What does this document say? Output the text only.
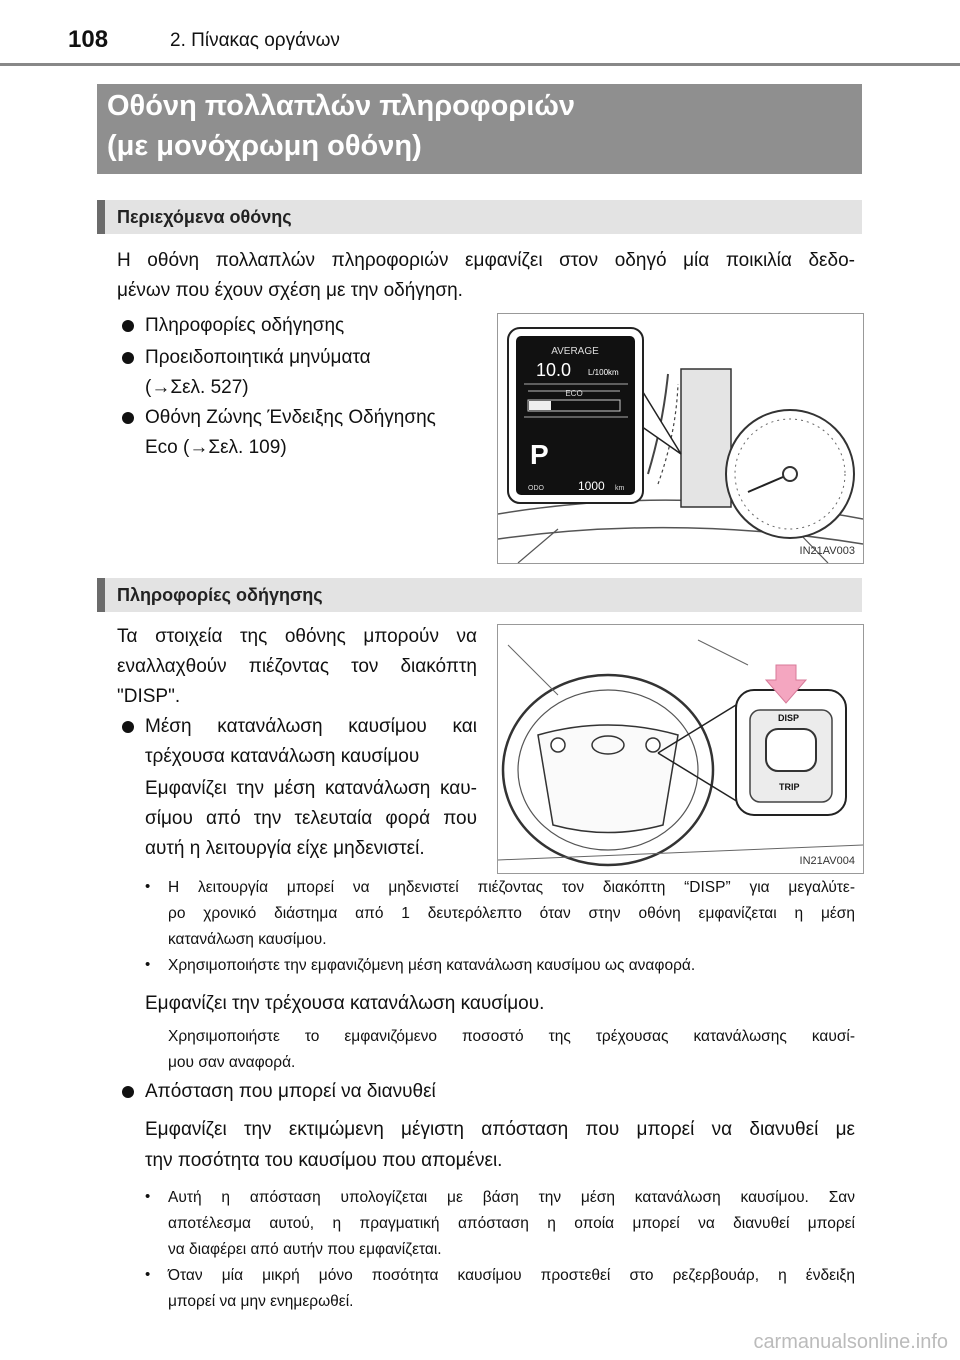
108	2. Πίνακας οργάνων
Οθόνη πολλαπλών πληροφοριών
(με μονόχρωμη οθόνη)
Περιεχόμενα οθόνης
Η οθόνη πολλαπλών πληροφοριών εμφανίζει στον οδηγό μία ποικιλία δεδο-
μένων που έχουν σχέση με την οδήγηση.
Πληροφορίες οδήγησης
Προειδοποιητικά μηνύματα
(→Σελ. 527)
Οθόνη Ζώνης Ένδειξης Οδήγησης
Eco (→Σελ. 109)
AVERAGE
10.0 L/100km
ECO
P
ODO	1000 km
IN21AV003
Πληροφορίες οδήγησης
Τα στοιχεία της οθόνης μπορούν να
εναλλαχθούν πιέζοντας τον διακόπτη
"DISP".
Μέση κατανάλωση καυσίμου και
τρέχουσα κατανάλωση καυσίμου
Εμφανίζει την μέση κατανάλωση καυ-
σίμου από την τελευταία φορά που
αυτή η λειτουργία είχε μηδενιστεί.
DISP
TRIP
IN21AV004
• Η λειτουργία μπορεί να μηδενιστεί πιέζοντας τον διακόπτη “DISP” για μεγαλύτε-
ρο χρονικό διάστημα από 1 δευτερόλεπτο όταν στην οθόνη εμφανίζεται η μέση
κατανάλωση καυσίμου.
• Χρησιμοποιήστε την εμφανιζόμενη μέση κατανάλωση καυσίμου ως αναφορά.
Εμφανίζει την τρέχουσα κατανάλωση καυσίμου.
Χρησιμοποιήστε το εμφανιζόμενο ποσοστό της τρέχουσας κατανάλωσης καυσί-
μου σαν αναφορά.
Απόσταση που μπορεί να διανυθεί
Εμφανίζει την εκτιμώμενη μέγιστη απόσταση που μπορεί να διανυθεί με
την ποσότητα του καυσίμου που απομένει.
• Αυτή η απόσταση υπολογίζεται με βάση την μέση κατανάλωση καυσίμου. Σαν
αποτέλεσμα αυτού, η πραγματική απόσταση η οποία μπορεί να διανυθεί μπορεί
να διαφέρει από αυτήν που εμφανίζεται.
• Όταν μία μικρή μόνο ποσότητα καυσίμου προστεθεί στο ρεζερβουάρ, η ένδειξη
μπορεί να μην ενημερωθεί.
carmanualsonline.info
